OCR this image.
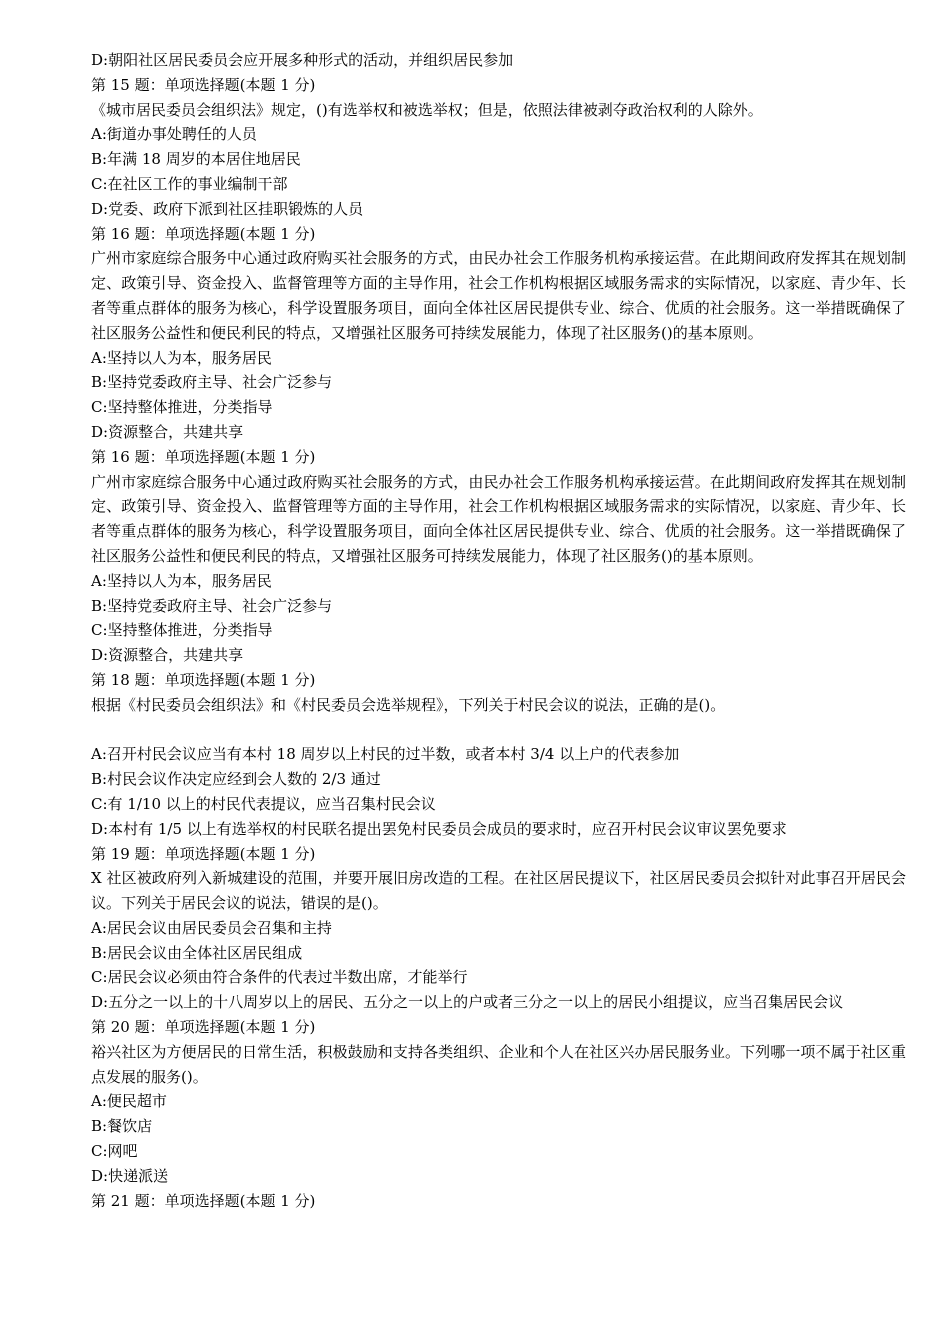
D:朝阳社区居民委员会应开展多种形式的活动，并组织居民参加
第 15 题：单项选择题(本题 1 分)
《城市居民委员会组织法》规定，()有选举权和被选举权；但是，依照法律被剥夺政治权利的人除外。
A:街道办事处聘任的人员
B:年满 18 周岁的本居住地居民
C:在社区工作的事业编制干部
D:党委、政府下派到社区挂职锻炼的人员
第 16 题：单项选择题(本题 1 分)
广州市家庭综合服务中心通过政府购买社会服务的方式，由民办社会工作服务机构承接运营。在此期间政府发挥其在规划制定、政策引导、资金投入、监督管理等方面的主导作用，社会工作机构根据区域服务需求的实际情况，以家庭、青少年、长者等重点群体的服务为核心，科学设置服务项目，面向全体社区居民提供专业、综合、优质的社会服务。这一举措既确保了社区服务公益性和便民利民的特点，又增强社区服务可持续发展能力，体现了社区服务()的基本原则。
A:坚持以人为本，服务居民
B:坚持党委政府主导、社会广泛参与
C:坚持整体推进，分类指导
D:资源整合，共建共享
第 16 题：单项选择题(本题 1 分)
广州市家庭综合服务中心通过政府购买社会服务的方式，由民办社会工作服务机构承接运营。在此期间政府发挥其在规划制定、政策引导、资金投入、监督管理等方面的主导作用，社会工作机构根据区域服务需求的实际情况，以家庭、青少年、长者等重点群体的服务为核心，科学设置服务项目，面向全体社区居民提供专业、综合、优质的社会服务。这一举措既确保了社区服务公益性和便民利民的特点，又增强社区服务可持续发展能力，体现了社区服务()的基本原则。
A:坚持以人为本，服务居民
B:坚持党委政府主导、社会广泛参与
C:坚持整体推进，分类指导
D:资源整合，共建共享
第 18 题：单项选择题(本题 1 分)
根据《村民委员会组织法》和《村民委员会选举规程》，下列关于村民会议的说法，正确的是()。
A:召开村民会议应当有本村 18 周岁以上村民的过半数，或者本村 3/4 以上户的代表参加
B:村民会议作决定应经到会人数的 2/3 通过
C:有 1/10 以上的村民代表提议，应当召集村民会议
D:本村有 1/5 以上有选举权的村民联名提出罢免村民委员会成员的要求时，应召开村民会议审议罢免要求
第 19 题：单项选择题(本题 1 分)
X 社区被政府列入新城建设的范围，并要开展旧房改造的工程。在社区居民提议下，社区居民委员会拟针对此事召开居民会议。下列关于居民会议的说法，错误的是()。
A:居民会议由居民委员会召集和主持
B:居民会议由全体社区居民组成
C:居民会议必须由符合条件的代表过半数出席，才能举行
D:五分之一以上的十八周岁以上的居民、五分之一以上的户或者三分之一以上的居民小组提议，应当召集居民会议
第 20 题：单项选择题(本题 1 分)
裕兴社区为方便居民的日常生活，积极鼓励和支持各类组织、企业和个人在社区兴办居民服务业。下列哪一项不属于社区重点发展的服务()。
A:便民超市
B:餐饮店
C:网吧
D:快递派送
第 21 题：单项选择题(本题 1 分)
